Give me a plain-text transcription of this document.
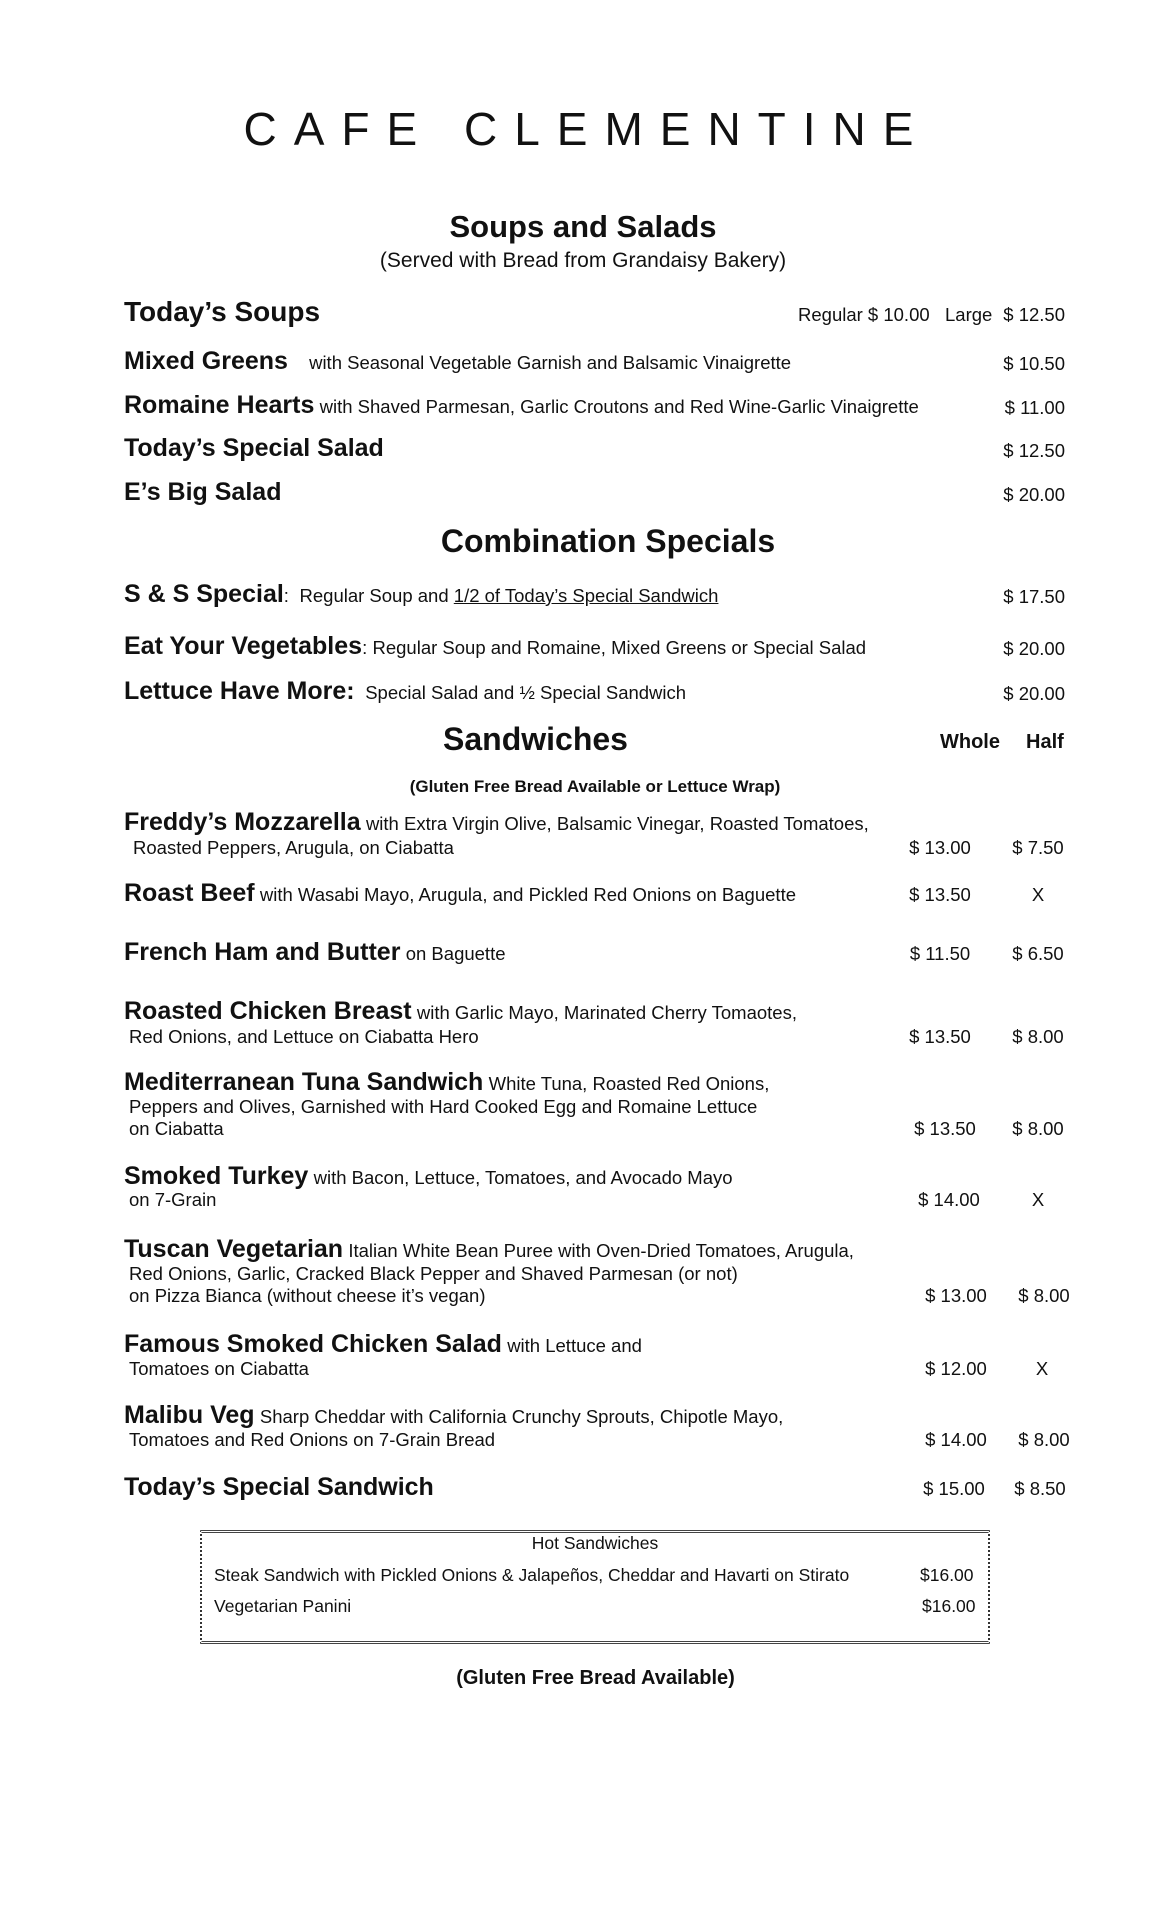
CAFE CLEMENTINE
Soups and Salads
(Served with Bread from Grandaisy Bakery)
Today’s Soups	Regular $ 10.00 Large $ 12.50
Mixed Greens with Seasonal Vegetable Garnish and Balsamic Vinaigrette	$ 10.50
Romaine Hearts with Shaved Parmesan, Garlic Croutons and Red Wine-Garlic Vinaigrette	$ 11.00
Today’s Special Salad	$ 12.50
E’s Big Salad	$ 20.00
Combination Specials
S & S Special: Regular Soup and 1/2 of Today’s Special Sandwich	$ 17.50
Eat Your Vegetables: Regular Soup and Romaine, Mixed Greens or Special Salad	$ 20.00
Lettuce Have More: Special Salad and ½ Special Sandwich	$ 20.00
Sandwiches	Whole Half
(Gluten Free Bread Available or Lettuce Wrap)
Freddy’s Mozzarella with Extra Virgin Olive, Balsamic Vinegar, Roasted Tomatoes,
Roasted Peppers, Arugula, on Ciabatta	$ 13.00	$ 7.50
Roast Beef with Wasabi Mayo, Arugula, and Pickled Red Onions on Baguette	$ 13.50	X
French Ham and Butter on Baguette	$ 11.50	$ 6.50
Roasted Chicken Breast with Garlic Mayo, Marinated Cherry Tomaotes,
Red Onions, and Lettuce on Ciabatta Hero	$ 13.50	$ 8.00
Mediterranean Tuna Sandwich White Tuna, Roasted Red Onions,
Peppers and Olives, Garnished with Hard Cooked Egg and Romaine Lettuce
on Ciabatta	$ 13.50	$ 8.00
Smoked Turkey with Bacon, Lettuce, Tomatoes, and Avocado Mayo
on 7-Grain	$ 14.00	X
Tuscan Vegetarian Italian White Bean Puree with Oven-Dried Tomatoes, Arugula,
Red Onions, Garlic, Cracked Black Pepper and Shaved Parmesan (or not)
on Pizza Bianca (without cheese it’s vegan)	$ 13.00	$ 8.00
Famous Smoked Chicken Salad with Lettuce and
Tomatoes on Ciabatta	$ 12.00	X
Malibu Veg Sharp Cheddar with California Crunchy Sprouts, Chipotle Mayo,
Tomatoes and Red Onions on 7-Grain Bread	$ 14.00	$ 8.00
Today’s Special Sandwich	$ 15.00	$ 8.50
Hot Sandwiches
Steak Sandwich with Pickled Onions & Jalapeños, Cheddar and Havarti on Stirato	$16.00
Vegetarian Panini	$16.00
(Gluten Free Bread Available)
